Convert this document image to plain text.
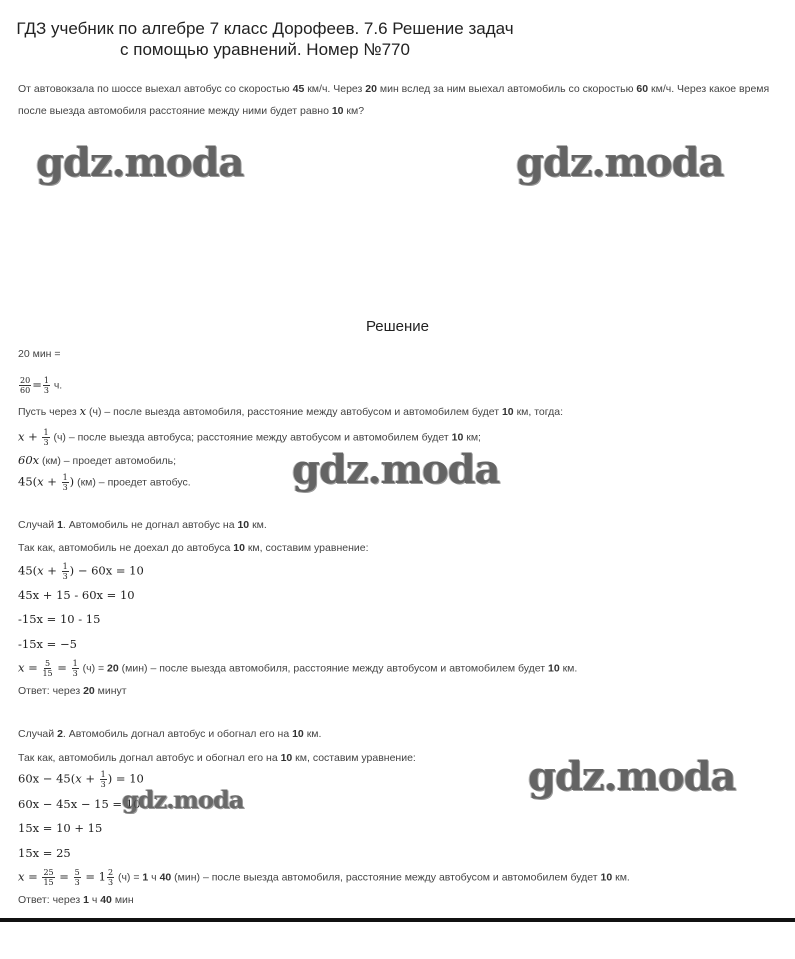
ГДЗ учебник по алгебре 7 класс Дорофеев. 7.6 Решение задач
с помощью уравнений. Номер №770
От автовокзала по шоссе выехал автобус со скоростью 45 км/ч. Через 20 мин вслед за ним выехал автомобиль со скоростью 60 км/ч. Через какое время после выезда автомобиля расстояние между ними будет равно 10 км?
gdz.moda	gdz.moda
Решение
20 мин =
$\frac{20}{60} = \frac{1}{3} ч$.
Пусть через x (ч) – после выезда автомобиля, расстояние между автобусом и автомобилем будет 10 км, тогда:
$x + \frac{1}{3} (ч)$ – после выезда автобуса; расстояние между автобусом и автомобилем будет 10 км;
60x (км) – проедет автомобиль;
$45(x + \frac{1}{3}$ ) (км) – проедет автобус.	gdz.moda
Случай 1. Автомобиль не догнал автобус на 10 км.
Так как, автомобиль не доехал до автобуса 10 км, составим уравнение:
$45(x + \frac{1}{3}$ ) − 60x = 10
45x + 15 - 60x = 10
-15x = 10 - 15
-15x = −5
$x = \frac{5}{15} = \frac{1}{3} (ч) = 20$ (мин) – после выезда автомобиля, расстояние между автобусом и автомобилем будет 10 км.
Ответ: через 20 минут
Случай 2. Автомобиль догнал автобус и обогнал его на 10 км.
Так как, автомобиль догнал автобус и обогнал его на 10 км, составим уравнение:
$60x - 45(x + \frac{1}{3}$ ) = 10
60x − 45x − 15 = 10
gdz.moda	gdz.moda
15x = 10 + 15
15x = 25
$x = \frac{25}{15} = \frac{5}{3} = 1 \frac{2}{3} (ч) = 1$ ч 40 (мин) – после выезда автомобиля, расстояние между автобусом и автомобилем будет 10 км.
Ответ: через 1 ч 40 мин
